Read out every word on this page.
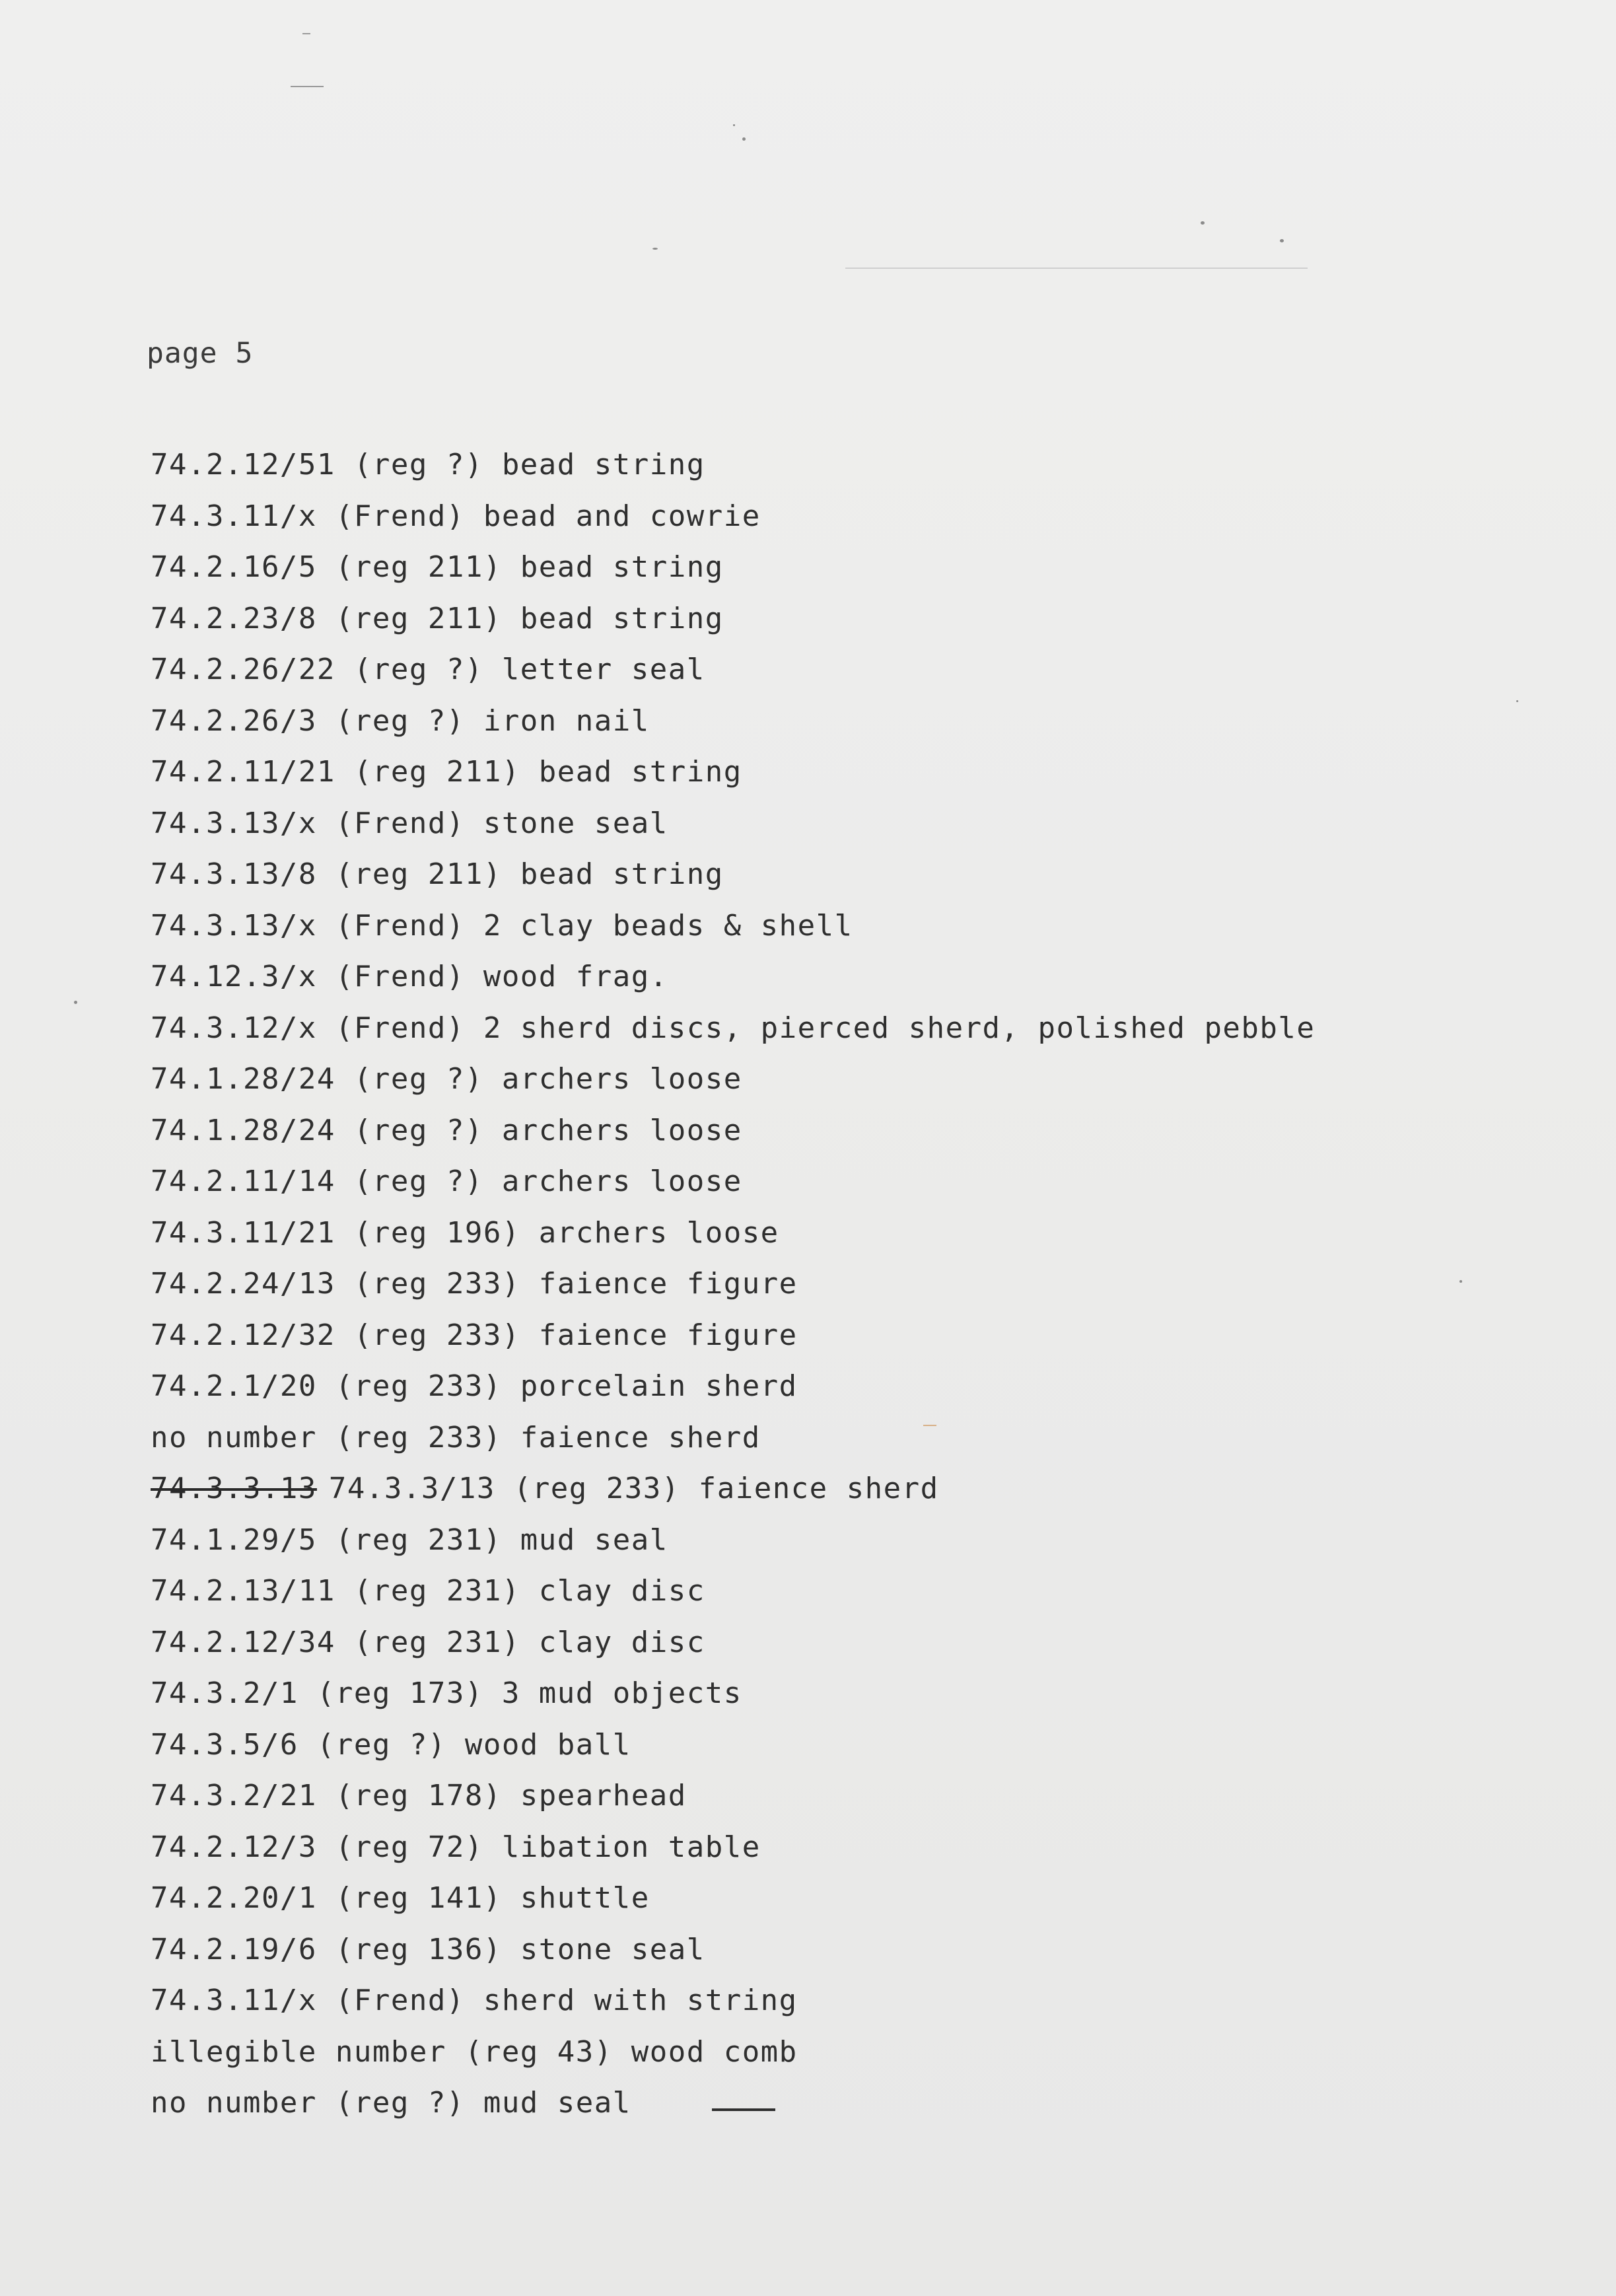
page 5
74.2.12/51 (reg ?) bead string
74.3.11/x (Frend) bead and cowrie
74.2.16/5 (reg 211) bead string
74.2.23/8 (reg 211) bead string
74.2.26/22 (reg ?) letter seal
74.2.26/3 (reg ?) iron nail
74.2.11/21 (reg 211) bead string
74.3.13/x (Frend) stone seal
74.3.13/8 (reg 211) bead string
74.3.13/x (Frend) 2 clay beads & shell
74.12.3/x (Frend) wood frag.
74.3.12/x (Frend) 2 sherd discs, pierced sherd, polished pebble
74.1.28/24 (reg ?) archers loose
74.1.28/24 (reg ?) archers loose
74.2.11/14 (reg ?) archers loose
74.3.11/21 (reg 196) archers loose
74.2.24/13 (reg 233) faience figure
74.2.12/32 (reg 233) faience figure
74.2.1/20 (reg 233) porcelain sherd
no number (reg 233) faience sherd
74.3.3.13 74.3.3/13 (reg 233) faience sherd
74.1.29/5 (reg 231) mud seal
74.2.13/11 (reg 231) clay disc
74.2.12/34 (reg 231) clay disc
74.3.2/1 (reg 173) 3 mud objects
74.3.5/6 (reg ?) wood ball
74.3.2/21 (reg 178) spearhead
74.2.12/3 (reg 72) libation table
74.2.20/1 (reg 141) shuttle
74.2.19/6 (reg 136) stone seal
74.3.11/x (Frend) sherd with string
illegible number (reg 43) wood comb
no number (reg ?) mud seal
